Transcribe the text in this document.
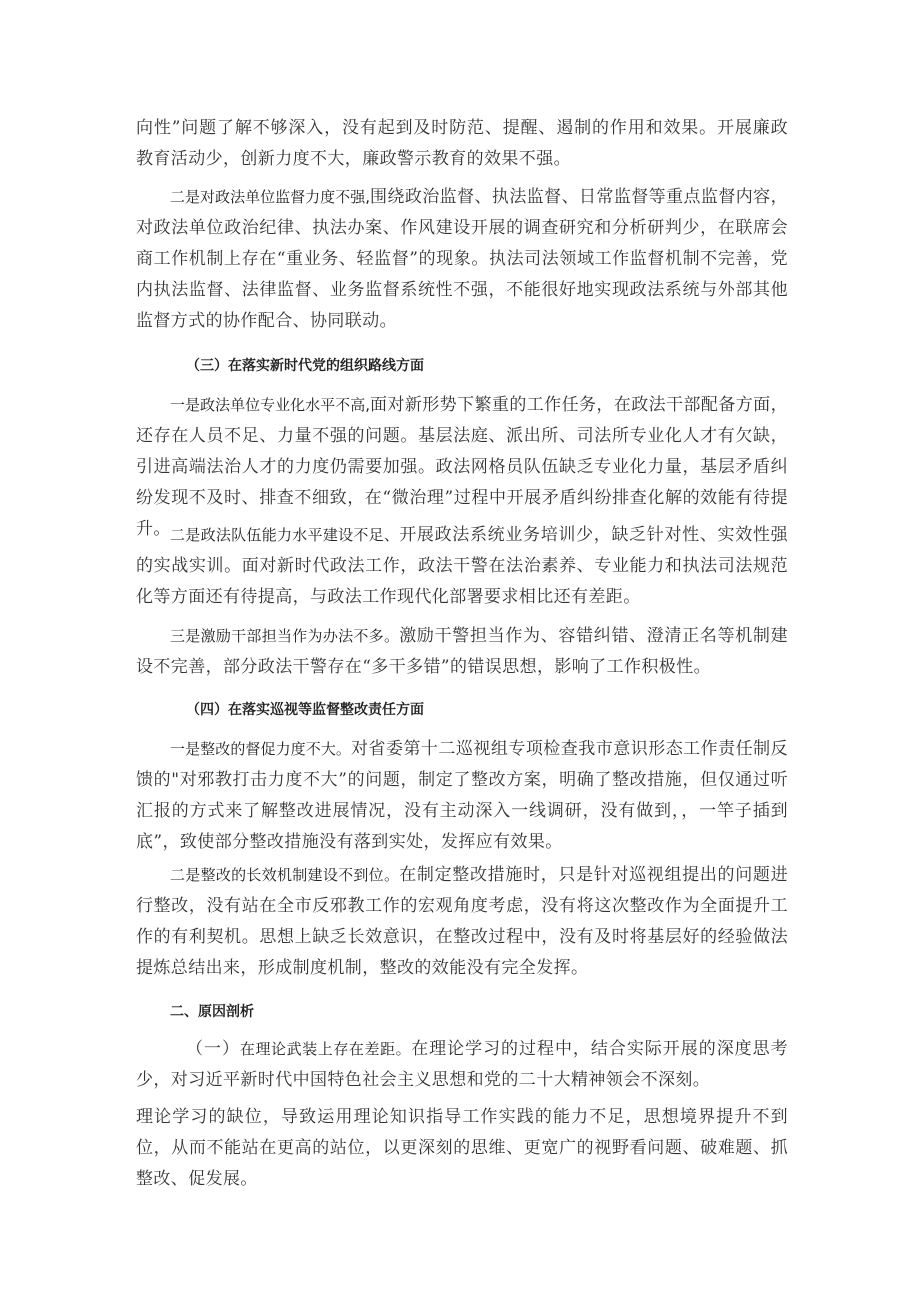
向性”问题了解不够深入，没有起到及时防范、提醒、遏制的作用和效果。开展廉政教育活动少，创新力度不大，廉政警示教育的效果不强。

二是对政法单位监督力度不强,围绕政治监督、执法监督、日常监督等重点监督内容，对政法单位政治纪律、执法办案、作风建设开展的调查研究和分析研判少，在联席会商工作机制上存在“重业务、轻监督”的现象。执法司法领域工作监督机制不完善，党内执法监督、法律监督、业务监督系统性不强，不能很好地实现政法系统与外部其他监督方式的协作配合、协同联动。

（三）在落实新时代党的组织路线方面

一是政法单位专业化水平不高,面对新形势下繁重的工作任务，在政法干部配备方面，还存在人员不足、力量不强的问题。基层法庭、派出所、司法所专业化人才有欠缺，引进高端法治人才的力度仍需要加强。政法网格员队伍缺乏专业化力量，基层矛盾纠纷发现不及时、排查不细致，在“微治理”过程中开展矛盾纠纷排查化解的效能有待提升。 二是政法队伍能力水平建设不足、开展政法系统业务培训少，缺乏针对性、实效性强的实战实训。面对新时代政法工作，政法干警在法治素养、专业能力和执法司法规范化等方面还有待提高，与政法工作现代化部署要求相比还有差距。

三是激励干部担当作为办法不多。激励干警担当作为、容错纠错、澄清正名等机制建设不完善，部分政法干警存在“多干多错”的错误思想，影响了工作积极性。

（四）在落实巡视等监督整改责任方面

一是整改的督促力度不大。对省委第十二巡视组专项检查我市意识形态工作责任制反馈的"对邪教打击力度不大”的问题，制定了整改方案，明确了整改措施，但仅通过听汇报的方式来了解整改进展情况，没有主动深入一线调研，没有做到，，一竿子插到底”，致使部分整改措施没有落到实处，发挥应有效果。

二是整改的长效机制建设不到位。在制定整改措施时，只是针对巡视组提出的问题进行整改，没有站在全市反邪教工作的宏观角度考虑，没有将这次整改作为全面提升工作的有利契机。思想上缺乏长效意识，在整改过程中，没有及时将基层好的经验做法提炼总结出来，形成制度机制，整改的效能没有完全发挥。

二、原因剖析

（一）在理论武装上存在差距。在理论学习的过程中，结合实际开展的深度思考少，对习近平新时代中国特色社会主义思想和党的二十大精神领会不深刻。

理论学习的缺位，导致运用理论知识指导工作实践的能力不足，思想境界提升不到位，从而不能站在更高的站位，以更深刻的思维、更宽广的视野看问题、破难题、抓整改、促发展。
